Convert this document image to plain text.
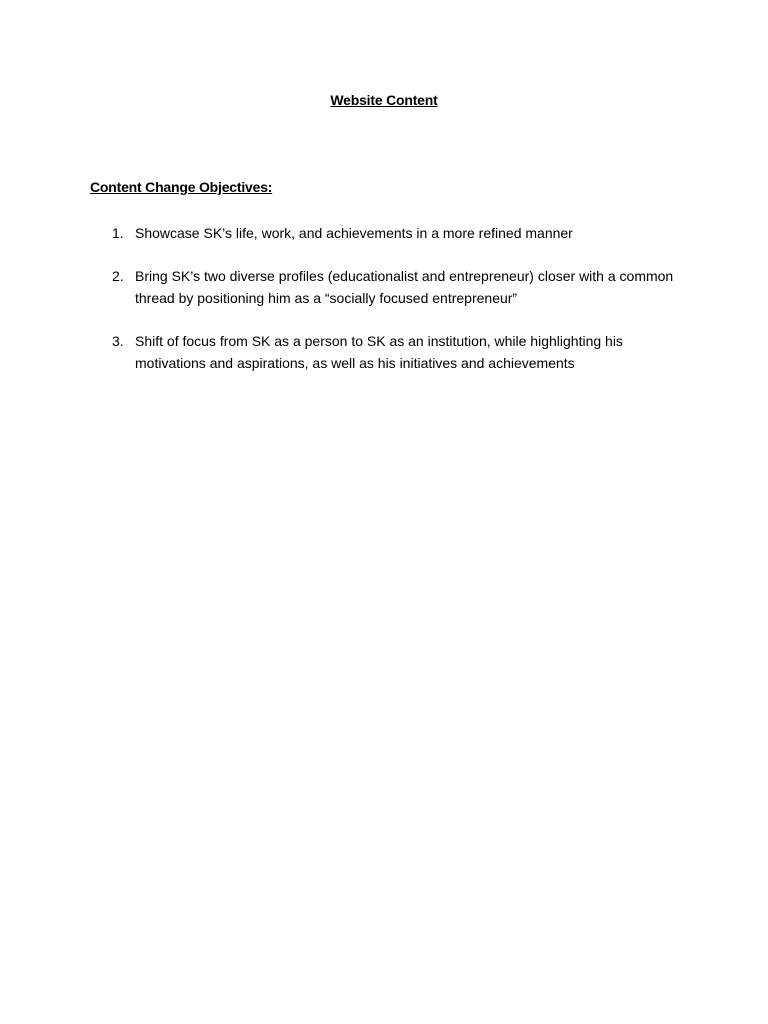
Website Content
Content Change Objectives:
1. Showcase SK’s life, work, and achievements in a more refined manner
2. Bring SK’s two diverse profiles (educationalist and entrepreneur) closer with a common thread by positioning him as a “socially focused entrepreneur”
3. Shift of focus from SK as a person to SK as an institution, while highlighting his motivations and aspirations, as well as his initiatives and achievements
